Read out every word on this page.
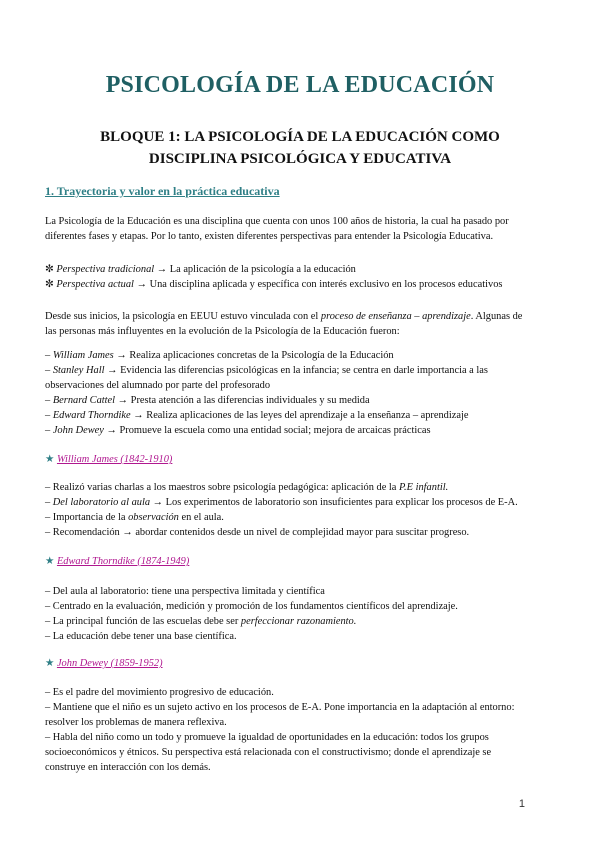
PSICOLOGÍA DE LA EDUCACIÓN
BLOQUE 1: LA PSICOLOGÍA DE LA EDUCACIÓN COMO
DISCIPLINA PSICOLÓGICA Y EDUCATIVA
1. Trayectoria y valor en la práctica educativa

La Psicología de la Educación es una disciplina que cuenta con unos 100 años de historia, la cual ha pasado por

diferentes fases y etapas. Por lo tanto, existen diferentes perspectivas para entender la Psicología Educativa.

✼ Perspectiva tradicional → La aplicación de la psicología a la educación

✼ Perspectiva actual → Una disciplina aplicada y específica con interés exclusivo en los procesos educativos

Desde sus inicios, la psicología en EEUU estuvo vinculada con el proceso de enseñanza – aprendizaje. Algunas de

las personas más influyentes en la evolución de la Psicología de la Educación fueron:

– William James → Realiza aplicaciones concretas de la Psicología de la Educación

– Stanley Hall → Evidencia las diferencias psicológicas en la infancia; se centra en darle importancia a las

observaciones del alumnado por parte del profesorado

– Bernard Cattel → Presta atención a las diferencias individuales y su medida

– Edward Thorndike → Realiza aplicaciones de las leyes del aprendizaje a la enseñanza – aprendizaje

– John Dewey → Promueve la escuela como una entidad social; mejora de arcaicas prácticas

★ William James (1842-1910)

– Realizó varias charlas a los maestros sobre psicología pedagógica: aplicación de la P.E infantil.

– Del laboratorio al aula → Los experimentos de laboratorio son insuficientes para explicar los procesos de E-A.

– Importancia de la observación en el aula.

– Recomendación → abordar contenidos desde un nivel de complejidad mayor para suscitar progreso.

★ Edward Thorndike (1874-1949)

– Del aula al laboratorio: tiene una perspectiva limitada y científica

– Centrado en la evaluación, medición y promoción de los fundamentos científicos del aprendizaje.

– La principal función de las escuelas debe ser perfeccionar razonamiento.

– La educación debe tener una base científica.

★ John Dewey (1859-1952)

– Es el padre del movimiento progresivo de educación.

– Mantiene que el niño es un sujeto activo en los procesos de E-A. Pone importancia en la adaptación al entorno:

resolver los problemas de manera reflexiva.

– Habla del niño como un todo y promueve la igualdad de oportunidades en la educación: todos los grupos

socioeconómicos y étnicos. Su perspectiva está relacionada con el constructivismo; donde el aprendizaje se

construye en interacción con los demás.

1
